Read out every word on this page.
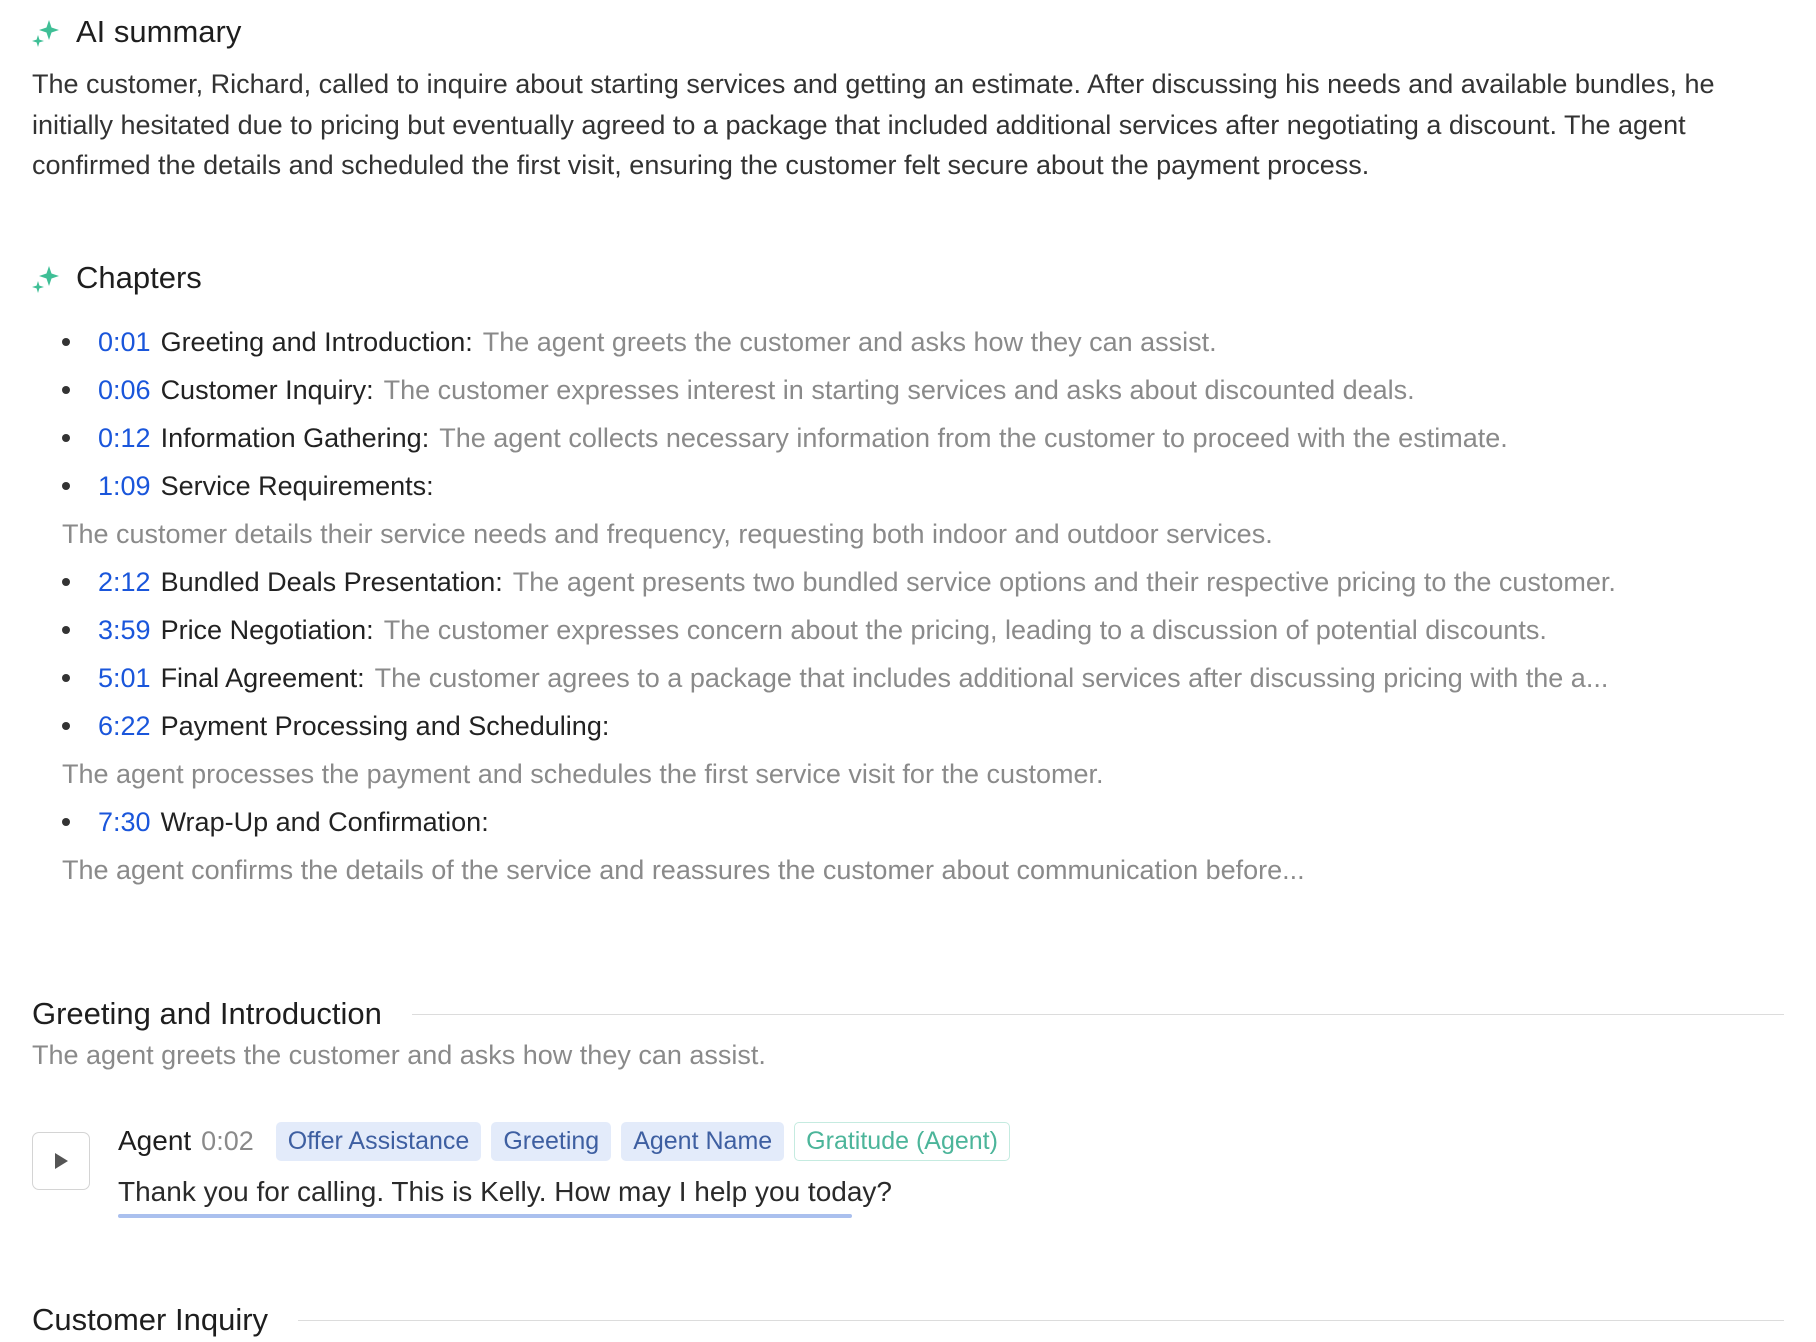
AI summary
The customer, Richard, called to inquire about starting services and getting an estimate. After discussing his needs and available bundles, he initially hesitated due to pricing but eventually agreed to a package that included additional services after negotiating a discount. The agent confirmed the details and scheduled the first visit, ensuring the customer felt secure about the payment process.
Chapters
0:01 Greeting and Introduction: The agent greets the customer and asks how they can assist.
0:06 Customer Inquiry: The customer expresses interest in starting services and asks about discounted deals.
0:12 Information Gathering: The agent collects necessary information from the customer to proceed with the estimate.
1:09 Service Requirements:
The customer details their service needs and frequency, requesting both indoor and outdoor services.
2:12 Bundled Deals Presentation: The agent presents two bundled service options and their respective pricing to the customer.
3:59 Price Negotiation: The customer expresses concern about the pricing, leading to a discussion of potential discounts.
5:01 Final Agreement: The customer agrees to a package that includes additional services after discussing pricing with the a...
6:22 Payment Processing and Scheduling:
The agent processes the payment and schedules the first service visit for the customer.
7:30 Wrap-Up and Confirmation:
The agent confirms the details of the service and reassures the customer about communication before...
Greeting and Introduction
The agent greets the customer and asks how they can assist.
Agent 0:02	Offer Assistance	Greeting	Agent Name	Gratitude (Agent)
Thank you for calling. This is Kelly. How may I help you today?
Customer Inquiry
